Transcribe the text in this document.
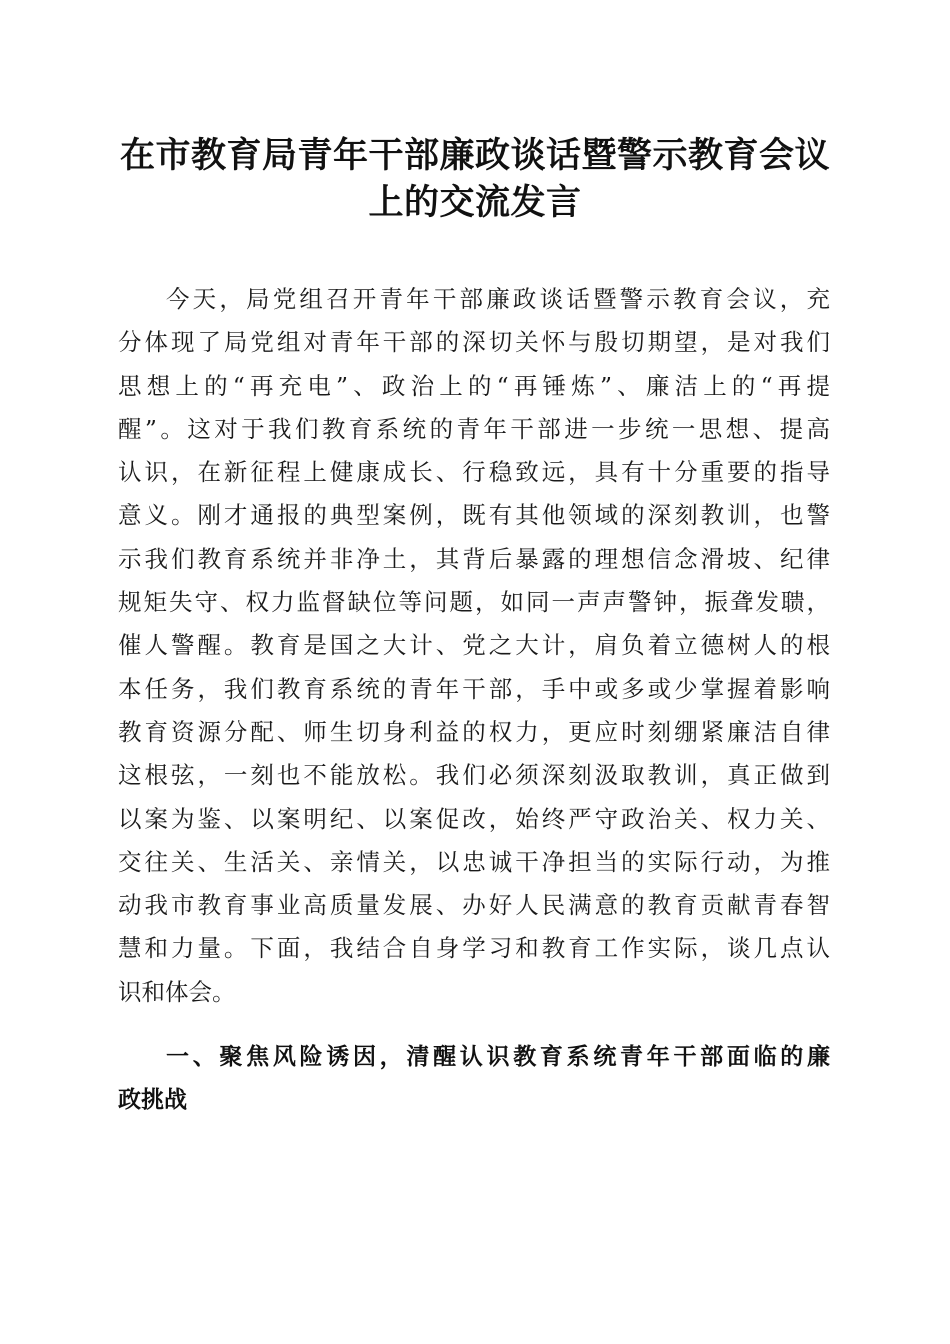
在市教育局青年干部廉政谈话暨警示教育会议
上的交流发言
今天，局党组召开青年干部廉政谈话暨警示教育会议，充
分体现了局党组对青年干部的深切关怀与殷切期望，是对我们
思想上的“再充电”、政治上的“再锤炼”、廉洁上的“再提
醒”。这对于我们教育系统的青年干部进一步统一思想、提高
认识，在新征程上健康成长、行稳致远，具有十分重要的指导
意义。刚才通报的典型案例，既有其他领域的深刻教训，也警
示我们教育系统并非净土，其背后暴露的理想信念滑坡、纪律
规矩失守、权力监督缺位等问题，如同一声声警钟，振聋发聩，
催人警醒。教育是国之大计、党之大计，肩负着立德树人的根
本任务，我们教育系统的青年干部，手中或多或少掌握着影响
教育资源分配、师生切身利益的权力，更应时刻绷紧廉洁自律
这根弦，一刻也不能放松。我们必须深刻汲取教训，真正做到
以案为鉴、以案明纪、以案促改，始终严守政治关、权力关、
交往关、生活关、亲情关，以忠诚干净担当的实际行动，为推
动我市教育事业高质量发展、办好人民满意的教育贡献青春智
慧和力量。下面，我结合自身学习和教育工作实际，谈几点认
识和体会。
一、聚焦风险诱因，清醒认识教育系统青年干部面临的廉
政挑战
